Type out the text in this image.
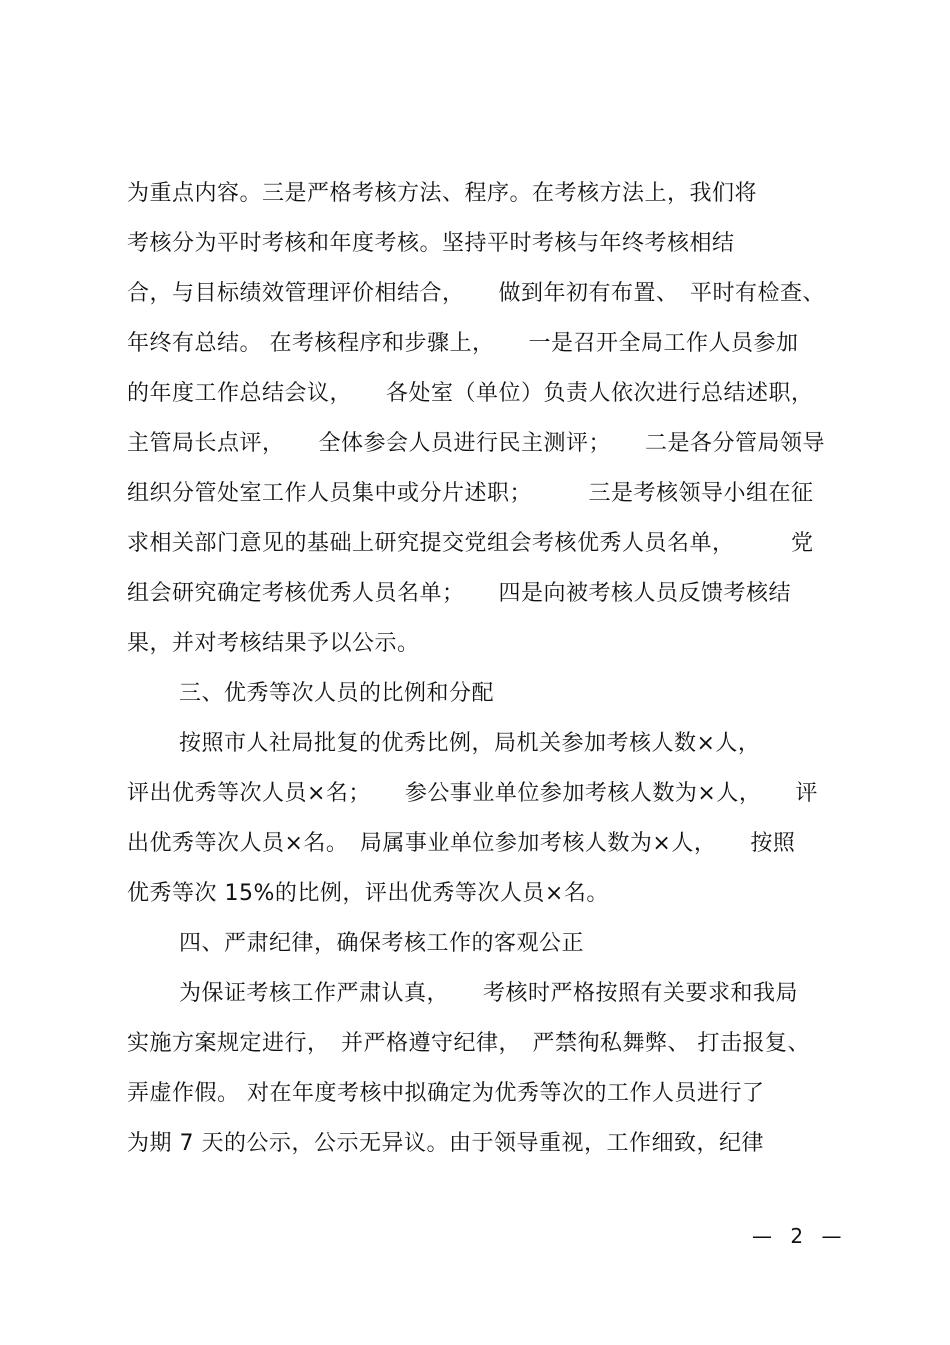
为重点内容。三是严格考核方法、程序。在考核方法上，我们将
考核分为平时考核和年度考核。坚持平时考核与年终考核相结
合，与目标绩效管理评价相结合，　　做到年初有布置、　平时有检查、
年终有总结。 在考核程序和步骤上，　　一是召开全局工作人员参加
的年度工作总结会议，　　各处室（单位）负责人依次进行总结述职，
主管局长点评，　　全体参会人员进行民主测评；　　二是各分管局领导
组织分管处室工作人员集中或分片述职；　　　三是考核领导小组在征
求相关部门意见的基础上研究提交党组会考核优秀人员名单，　　　党
组会研究确定考核优秀人员名单；　　四是向被考核人员反馈考核结
果，并对考核结果予以公示。
三、优秀等次人员的比例和分配
按照市人社局批复的优秀比例，局机关参加考核人数×人，
评出优秀等次人员×名；　　参公事业单位参加考核人数为×人，　　评
出优秀等次人员×名。　局属事业单位参加考核人数为×人，　　按照
优秀等次 15%的比例，评出优秀等次人员×名。
四、严肃纪律，确保考核工作的客观公正
为保证考核工作严肃认真，　　考核时严格按照有关要求和我局
实施方案规定进行，　并严格遵守纪律，　严禁徇私舞弊、 打击报复、
弄虚作假。 对在年度考核中拟确定为优秀等次的工作人员进行了
为期 7 天的公示，公示无异议。由于领导重视，工作细致，纪律
— 2 —
